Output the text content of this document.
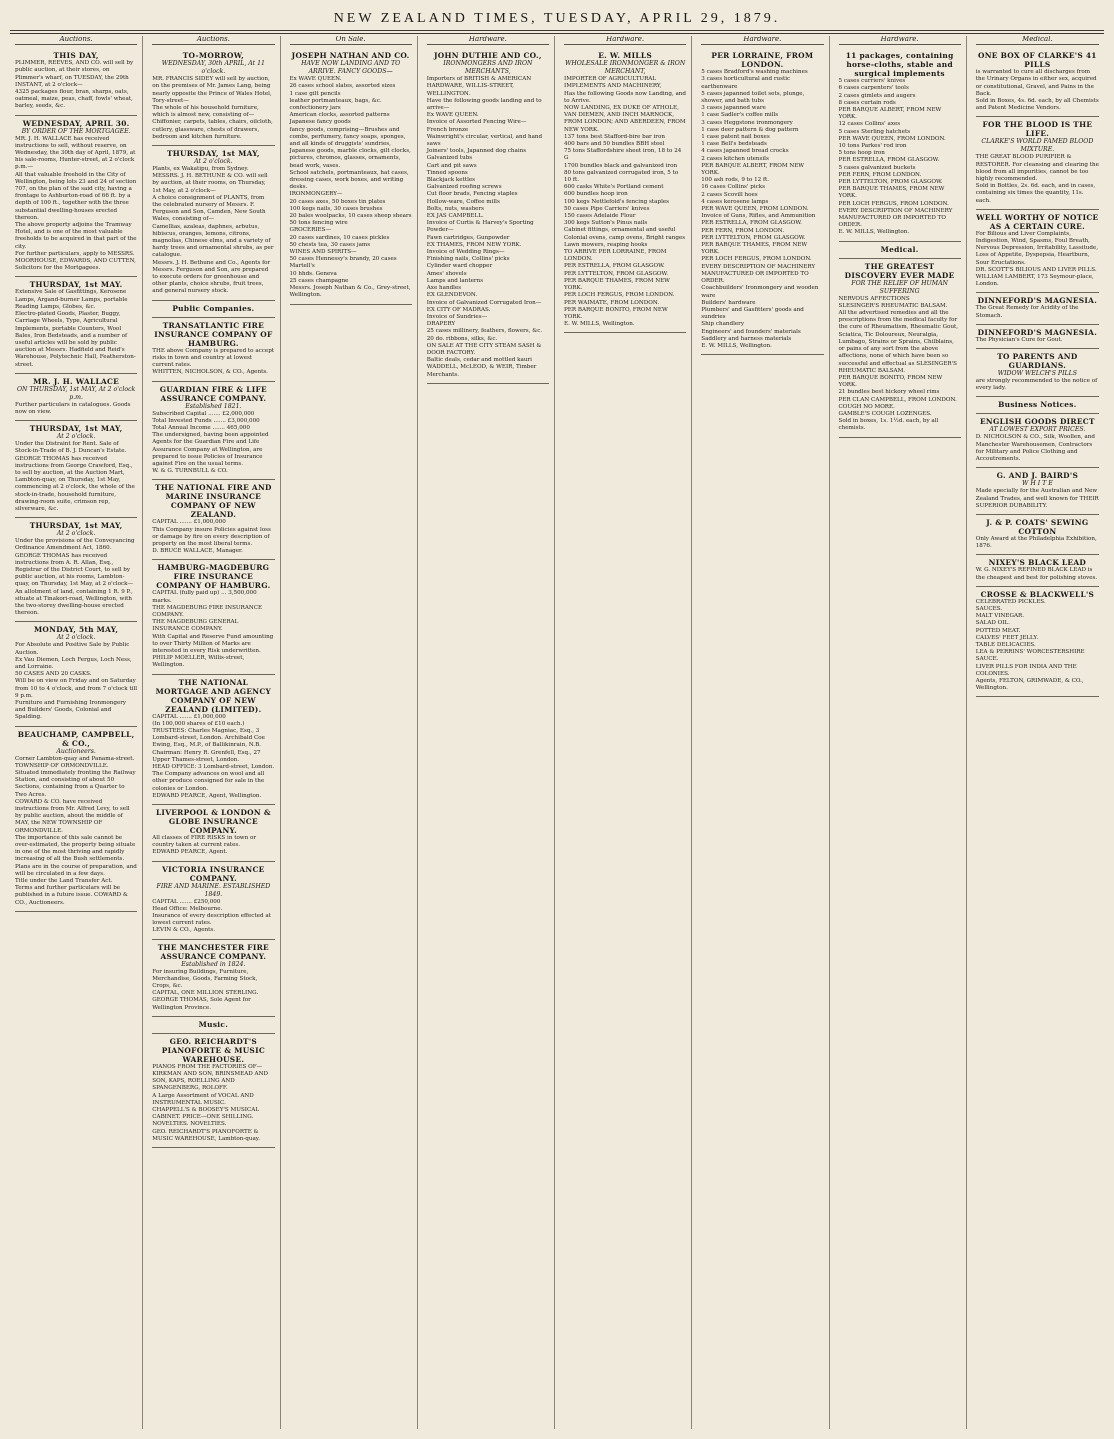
NEW ZEALAND TIMES, TUESDAY, APRIL 29, 1879.
Auctions.
THIS DAY,
PLIMMER, REEVES, AND CO. will sell by public auction, at their stores, on Plimmer's wharf, on TUESDAY, the 29th INSTANT, at 2 o'clock—
4325 packages flour, bran, sharps, oats, oatmeal, maize, peas, chaff, fowls' wheat, barley, seeds, &c.
WEDNESDAY, APRIL 30.
BY ORDER OF THE MORTGAGEE.
MR. J. H. WALLACE has received instructions to sell, without reserve, on Wednesday, the 30th day of April, 1879, at his sale-rooms, Hunter-street, at 2 o'clock p.m.—
All that valuable freehold in the City of Wellington, being lots 23 and 24 of section 707, on the plan of the said city, having a frontage to Ashburton-road of 66 ft. by a depth of 100 ft., together with the three substantial dwelling-houses erected thereon.
The above property adjoins the Tramway Hotel, and is one of the most valuable freeholds to be acquired in that part of the city.
For further particulars, apply to MESSRS. MOORHOUSE, EDWARDS, AND CUTTEN, Solicitors for the Mortgagees.
THURSDAY, 1st MAY.
Extensive Sale of Gasfittings, Kerosene Lamps, Argand-burner Lamps, portable Reading Lamps, Globes, &c.
Electro-plated Goods, Plaster, Buggy, Carriage Wheels, Type, Agricultural Implements, portable Counters, Wool Bales, Iron Bedsteads, and a number of useful articles will be sold by public auction at Messrs. Hadfield and Reid's Warehouse, Polytechnic Hall, Featherston-street.
MR. J. H. WALLACE
ON THURSDAY, 1st MAY, At 2 o'clock p.m.
Further particulars in catalogues. Goods now on view.
THURSDAY, 1st MAY,
At 2 o'clock.
Under the Distraint for Rent. Sale of Stock-in-Trade of B. J. Duncan's Estate.
GEORGE THOMAS has received instructions from George Crawford, Esq., to sell by auction, at the Auction Mart, Lambton-quay, on Thursday, 1st May, commencing at 2 o'clock, the whole of the stock-in-trade, household furniture, drawing-room suite, crimson rep, silverware, &c.
THURSDAY, 1st MAY,
At 2 o'clock.
Under the provisions of the Conveyancing Ordinance Amendment Act, 1860.
GEORGE THOMAS has received instructions from A. R. Allan, Esq., Registrar of the District Court, to sell by public auction, at his rooms, Lambton-quay, on Thursday, 1st May, at 2 o'clock—
An allotment of land, containing 1 R. 9 P., situate at Tinakori-road, Wellington, with the two-storey dwelling-house erected thereon.
MONDAY, 5th MAY,
At 2 o'clock.
For Absolute and Positive Sale by Public Auction.
Ex Vau Diemen, Loch Fergus, Loch Ness, and Lorraine.
50 CASES AND 20 CASKS.
Will be on view on Friday and on Saturday from 10 to 4 o'clock, and from 7 o'clock till 9 p.m.
Furniture and Furnishing Ironmongery and Builders' Goods, Colonial and Spalding.
BEAUCHAMP, CAMPBELL, & CO.,
Auctioneers.
Corner Lambton-quay and Panama-street.
TOWNSHIP OF ORMONDVILLE.
Situated immediately fronting the Railway Station, and consisting of about 50 Sections, containing from a Quarter to Two Acres.
COWARD & CO. have received instructions from Mr. Alfred Levy, to sell by public auction, about the middle of MAY, the NEW TOWNSHIP OF ORMONDVILLE.
The importance of this sale cannot be over-estimated, the property being situate in one of the most thriving and rapidly increasing of all the Bush settlements.
Plans are in the course of preparation, and will be circulated in a few days.
Title under the Land Transfer Act.
Terms and further particulars will be published in a future issue. COWARD & CO., Auctioneers.
Auctions.
TO-MORROW,
WEDNESDAY, 30th APRIL, At 11 o'clock.
MR. FRANCIS SIDEY will sell by auction, on the premises of Mr. James Lang, being nearly opposite the Prince of Wales Hotel, Tory-street—
The whole of his household furniture, which is almost new, consisting of—Chiffonier, carpets, tables, chairs, oilcloth, cutlery, glassware, chests of drawers, bedroom and kitchen furniture.
THURSDAY, 1st MAY,
At 2 o'clock.
Plants, ex Wakatipu, from Sydney.
MESSRS. J. H. BETHUNE & CO. will sell by auction, at their rooms, on Thursday, 1st May, at 2 o'clock—
A choice consignment of PLANTS, from the celebrated nursery of Messrs. F. Ferguson and Son, Camden, New South Wales, consisting of—
Camellias, azaleas, daphnes, arbutus, hibiscus, oranges, lemons, citrons, magnolias, Chinese elms, and a variety of hardy trees and ornamental shrubs, as per catalogue.
Messrs. J. H. Bethune and Co., Agents for Messrs. Ferguson and Son, are prepared to execute orders for greenhouse and other plants, choice shrubs, fruit trees, and general nursery stock.
Public Companies.
TRANSATLANTIC FIRE INSURANCE COMPANY OF HAMBURG.
THE above Company is prepared to accept risks in town and country at lowest current rates.
WHITTEN, NICHOLSON, & CO., Agents.
GUARDIAN FIRE & LIFE ASSURANCE COMPANY.
Established 1821.
Subscribed Capital ....... £2,000,000
Total Invested Funds ....... £3,000,000
Total Annual Income ....... 465,000
The undersigned, having been appointed Agents for the Guardian Fire and Life Assurance Company at Wellington, are prepared to issue Policies of Insurance against Fire on the usual terms.
W. & G. TURNBULL & CO.
THE NATIONAL FIRE AND MARINE INSURANCE COMPANY OF NEW ZEALAND.
CAPITAL ....... £1,000,000
This Company insure Policies against loss or damage by fire on every description of property on the most liberal terms.
D. BRUCE WALLACE, Manager.
HAMBURG-MAGDEBURG FIRE INSURANCE COMPANY OF HAMBURG.
CAPITAL (fully paid up) ... 3,500,000 marks.
THE MAGDEBURG FIRE INSURANCE COMPANY.
THE MAGDEBURG GENERAL INSURANCE COMPANY.
With Capital and Reserve Fund amounting to over Thirty Million of Marks are interested in every Risk underwritten.
PHILIP MOELLER, Willis-street, Wellington.
THE NATIONAL MORTGAGE AND AGENCY COMPANY OF NEW ZEALAND (LIMITED).
CAPITAL ....... £1,000,000
(In 100,000 shares of £10 each.)
TRUSTEES: Charles Magniac, Esq., 3 Lombard-street, London. Archibald Coe Ewing, Esq., M.P., of Ballikinrain, N.B.
Chairman: Henry R. Grenfell, Esq., 27 Upper Thames-street, London.
HEAD OFFICE: 3 Lombard-street, London.
The Company advances on wool and all other produce consigned for sale in the colonies or London.
EDWARD PEARCE, Agent, Wellington.
LIVERPOOL & LONDON & GLOBE INSURANCE COMPANY.
All classes of FIRE RISKS in town or country taken at current rates.
EDWARD PEARCE, Agent.
VICTORIA INSURANCE COMPANY.
FIRE AND MARINE. ESTABLISHED 1849.
CAPITAL ....... £250,000
Head Office: Melbourne.
Insurance of every description effected at lowest current rates.
LEVIN & CO., Agents.
THE MANCHESTER FIRE ASSURANCE COMPANY.
Established in 1824.
For insuring Buildings, Furniture, Merchandise, Goods, Farming Stock, Crops, &c.
CAPITAL, ONE MILLION STERLING.
GEORGE THOMAS, Sole Agent for Wellington Province.
Music.
GEO. REICHARDT'S PIANOFORTE & MUSIC WAREHOUSE.
PIANOS FROM THE FACTORIES OF— KIRKMAN AND SON, BRINSMEAD AND SON, KAPS, ROELLING AND SPANGENBERG, ROLOFF.
A Large Assortment of VOCAL AND INSTRUMENTAL MUSIC.
CHAPPELL'S & BOOSEY'S MUSICAL CABINET. PRICE—ONE SHILLING.
NOVELTIES. NOVELTIES.
GEO. REICHARDT'S PIANOFORTE & MUSIC WAREHOUSE, Lambton-quay.
On Sale.
JOSEPH NATHAN AND CO.
HAVE NOW LANDING AND TO ARRIVE. FANCY GOODS—
Ex WAVE QUEEN.
26 cases school slates, assorted sizes
1 case gilt pencils
leather portmanteaux, bags, &c.
confectionery jars
American clocks, assorted patterns
Japanese fancy goods
fancy goods, comprising—Brushes and combs, perfumery, fancy soaps, sponges, and all kinds of druggists' sundries, Japanese goods, marble clocks, gilt clocks, pictures, chromos, glasses, ornaments, bead work, vases.
School satchels, portmanteaux, hat cases, dressing cases, work boxes, and writing desks.
IRONMONGERY—
20 cases axes, 50 boxes tin plates
100 kegs nails, 30 cases brushes
20 bales woolpacks, 10 cases sheep shears
50 tons fencing wire
GROCERIES—
20 cases sardines, 10 cases pickles
50 chests tea, 30 cases jams
WINES AND SPIRITS—
50 cases Hennessy's brandy, 20 cases Martell's
10 hhds. Geneva
25 cases champagne
Messrs. Joseph Nathan & Co., Grey-street, Wellington.
Hardware.
JOHN DUTHIE AND CO.,
IRONMONGERS AND IRON MERCHANTS,
Importers of BRITISH & AMERICAN HARDWARE, WILLIS-STREET, WELLINGTON.
Have the following goods landing and to arrive—
Ex WAVE QUEEN.
Invoice of Assorted Fencing Wire—
French bronze
Wainwright's circular, vertical, and hand saws
Joiners' tools, Japanned dog chains
Galvanized tubs
Cart and pit saws
Tinned spoons
Blackjack kettles
Galvanized roofing screws
Cut floor brads, Fencing staples
Hollow-ware, Coffee mills
Bolts, nuts, washers
EX JAS CAMPBELL.
Invoice of Curtis & Harvey's Sporting Powder—
Fawn cartridges, Gunpowder
EX THAMES, FROM NEW YORK.
Invoice of Wedding Rings—
Finishing nails, Collins' picks
Cylinder ward chopper
Ames' shovels
Lamps and lanterns
Axe handles
EX GLENDEVON.
Invoice of Galvanized Corrugated Iron—
EX CITY OF MADRAS.
Invoice of Sundries—
DRAPERY
25 cases millinery, feathers, flowers, &c.
20 do. ribbons, silks, &c.
ON SALE AT THE CITY STEAM SASH & DOOR FACTORY.
Baltic deals, cedar and mottled kauri
WADDELL, McLEOD, & WEIR, Timber Merchants.
Hardware.
E. W. MILLS
WHOLESALE IRONMONGER & IRON MERCHANT,
IMPORTER OF AGRICULTURAL IMPLEMENTS AND MACHINERY,
Has the following Goods now Landing, and to Arrive.
NOW LANDING, EX DUKE OF ATHOLE, VAN DIEMEN, AND INCH MARNOCK, FROM LONDON; AND ABERDEEN, FROM NEW YORK.
137 tons best Stafford-bire bar iron
400 bars and 50 bundles BBH steel
75 tons Staffordshire sheet iron, 18 to 24 G
1700 bundles black and galvanized iron
80 tons galvanized corrugated iron, 5 to 10 ft.
600 casks White's Portland cement
600 bundles hoop iron
100 kegs Nettlefold's fencing staples
50 cases Pipe Carriers' knives
150 cases Adelaide Flour
300 kegs Sutton's Pinus nails
Cabinet fittings, ornamental and useful
Colonial ovens, camp ovens, Bright ranges
Lawn mowers, reaping hooks
TO ARRIVE PER LORRAINE, FROM LONDON.
PER ESTRELLA, FROM GLASGOW.
PER LYTTELTON, FROM GLASGOW.
PER BARQUE THAMES, FROM NEW YORK.
PER LOCH FERGUS, FROM LONDON.
PER WAIMATE, FROM LONDON.
PER BARQUE BONITO, FROM NEW YORK.
E. W. MILLS, Wellington.
Hardware.
PER LORRAINE, FROM LONDON.
5 cases Bradford's washing machines
3 cases horticultural and rustic earthenware
5 cases japanned toilet sets, plunge, shower, and bath tubs
3 cases japanned ware
1 case Sadler's coffee mills
3 cases Heggstone ironmongery
1 case deer pattern & dog pattern
1 case patent nail boxes
1 case Bell's bedsteads
4 cases japanned bread crocks
2 cases kitchen utensils
PER BARQUE ALBERT, FROM NEW YORK.
100 ash rods, 9 to 12 ft.
16 cases Collins' picks
2 cases Scovill hoes
4 cases kerosene lamps
PER WAVE QUEEN, FROM LONDON.
Invoice of Guns, Rifles, and Ammunition
PER ESTRELLA, FROM GLASGOW.
PER FERN, FROM LONDON.
PER LYTTELTON, FROM GLASGOW.
PER BARQUE THAMES, FROM NEW YORK.
PER LOCH FERGUS, FROM LONDON.
EVERY DESCRIPTION OF MACHINERY MANUFACTURED OR IMPORTED TO ORDER.
Coachbuilders' Ironmongery and wooden ware
Builders' hardware
Plumbers' and Gasfitters' goods and sundries
Ship chandlery
Engineers' and founders' materials
Saddlery and harness materials
E. W. MILLS, Wellington.
Hardware.
11 packages, containing horse-cloths, stable and surgical implements
5 cases curriers' knives
6 cases carpenters' tools
2 cases gimlets and augers
8 cases curtain rods
PER BARQUE ALBERT, FROM NEW YORK.
12 cases Collins' axes
5 cases Sterling hatchets
PER WAVE QUEEN, FROM LONDON.
10 tons Parkes' rod iron
5 tons hoop iron
PER ESTRELLA, FROM GLASGOW.
5 cases galvanized buckets
PER FERN, FROM LONDON.
PER LYTTELTON, FROM GLASGOW.
PER BARQUE THAMES, FROM NEW YORK.
PER LOCH FERGUS, FROM LONDON.
EVERY DESCRIPTION OF MACHINERY MANUFACTURED OR IMPORTED TO ORDER.
E. W. MILLS, Wellington.
Medical.
THE GREATEST DISCOVERY EVER MADE
FOR THE RELIEF OF HUMAN SUFFERING
NERVOUS AFFECTIONS
SLESINGER'S RHEUMATIC BALSAM.
All the advertised remedies and all the prescriptions from the medical faculty for the cure of Rheumatism, Rheumatic Gout, Sciatica, Tic Doloureux, Neuralgia, Lumbago, Strains or Sprains, Chilblains, or pains of any sort from the above affections, none of which have been so successful and effectual as SLESINGER'S RHEUMATIC BALSAM.
PER BARQUE BONITO, FROM NEW YORK.
21 bundles best hickory wheel rims
PER CLAN CAMPBELL, FROM LONDON.
COUGH NO MORE.
GAMBLE'S COUGH LOZENGES.
Sold in boxes, 1s. 1½d. each, by all chemists.
Medical.
ONE BOX OF CLARKE'S 41 PILLS
is warranted to cure all discharges from the Urinary Organs in either sex, acquired or constitutional, Gravel, and Pains in the Back.
Sold in Boxes, 4s. 6d. each, by all Chemists and Patent Medicine Vendors.
FOR THE BLOOD IS THE LIFE.
CLARKE'S WORLD FAMED BLOOD MIXTURE.
THE GREAT BLOOD PURIFIER & RESTORER. For cleansing and clearing the blood from all impurities, cannot be too highly recommended.
Sold in Bottles, 2s. 6d. each, and in cases, containing six times the quantity, 11s. each.
WELL WORTHY OF NOTICE AS A CERTAIN CURE.
For Bilious and Liver Complaints, Indigestion, Wind, Spasms, Foul Breath, Nervous Depression, Irritability, Lassitude, Loss of Appetite, Dyspepsia, Heartburn, Sour Eructations.
DR. SCOTT'S BILIOUS AND LIVER PILLS.
WILLIAM LAMBERT, 173 Seymour-place, London.
DINNEFORD'S MAGNESIA.
The Great Remedy for Acidity of the Stomach.
DINNEFORD'S MAGNESIA.
The Physician's Cure for Gout.
TO PARENTS AND GUARDIANS.
WIDOW WELCH'S PILLS
are strongly recommended to the notice of every lady.
Business Notices.
ENGLISH GOODS DIRECT
AT LOWEST EXPORT PRICES.
D. NICHOLSON & CO., Silk, Woollen, and Manchester Warehousemen, Contractors for Military and Police Clothing and Accoutrements.
G. AND J. BAIRD'S
W H I T E
Made specially for the Australian and New Zealand Trades, and well known for THEIR SUPERIOR DURABILITY.
J. & P. COATS' SEWING COTTON
Only Award at the Philadelphia Exhibition, 1876.
NIXEY'S BLACK LEAD
W. G. NIXEY'S REFINED BLACK LEAD is the cheapest and best for polishing stoves.
CROSSE & BLACKWELL'S
CELEBRATED PICKLES.
SAUCES.
MALT VINEGAR.
SALAD OIL.
POTTED MEAT.
CALVES' FEET JELLY.
TABLE DELICACIES.
LEA & PERRINS' WORCESTERSHIRE SAUCE.
LIVER PILLS FOR INDIA AND THE COLONIES.
Agents, FELTON, GRIMWADE, & CO., Wellington.
